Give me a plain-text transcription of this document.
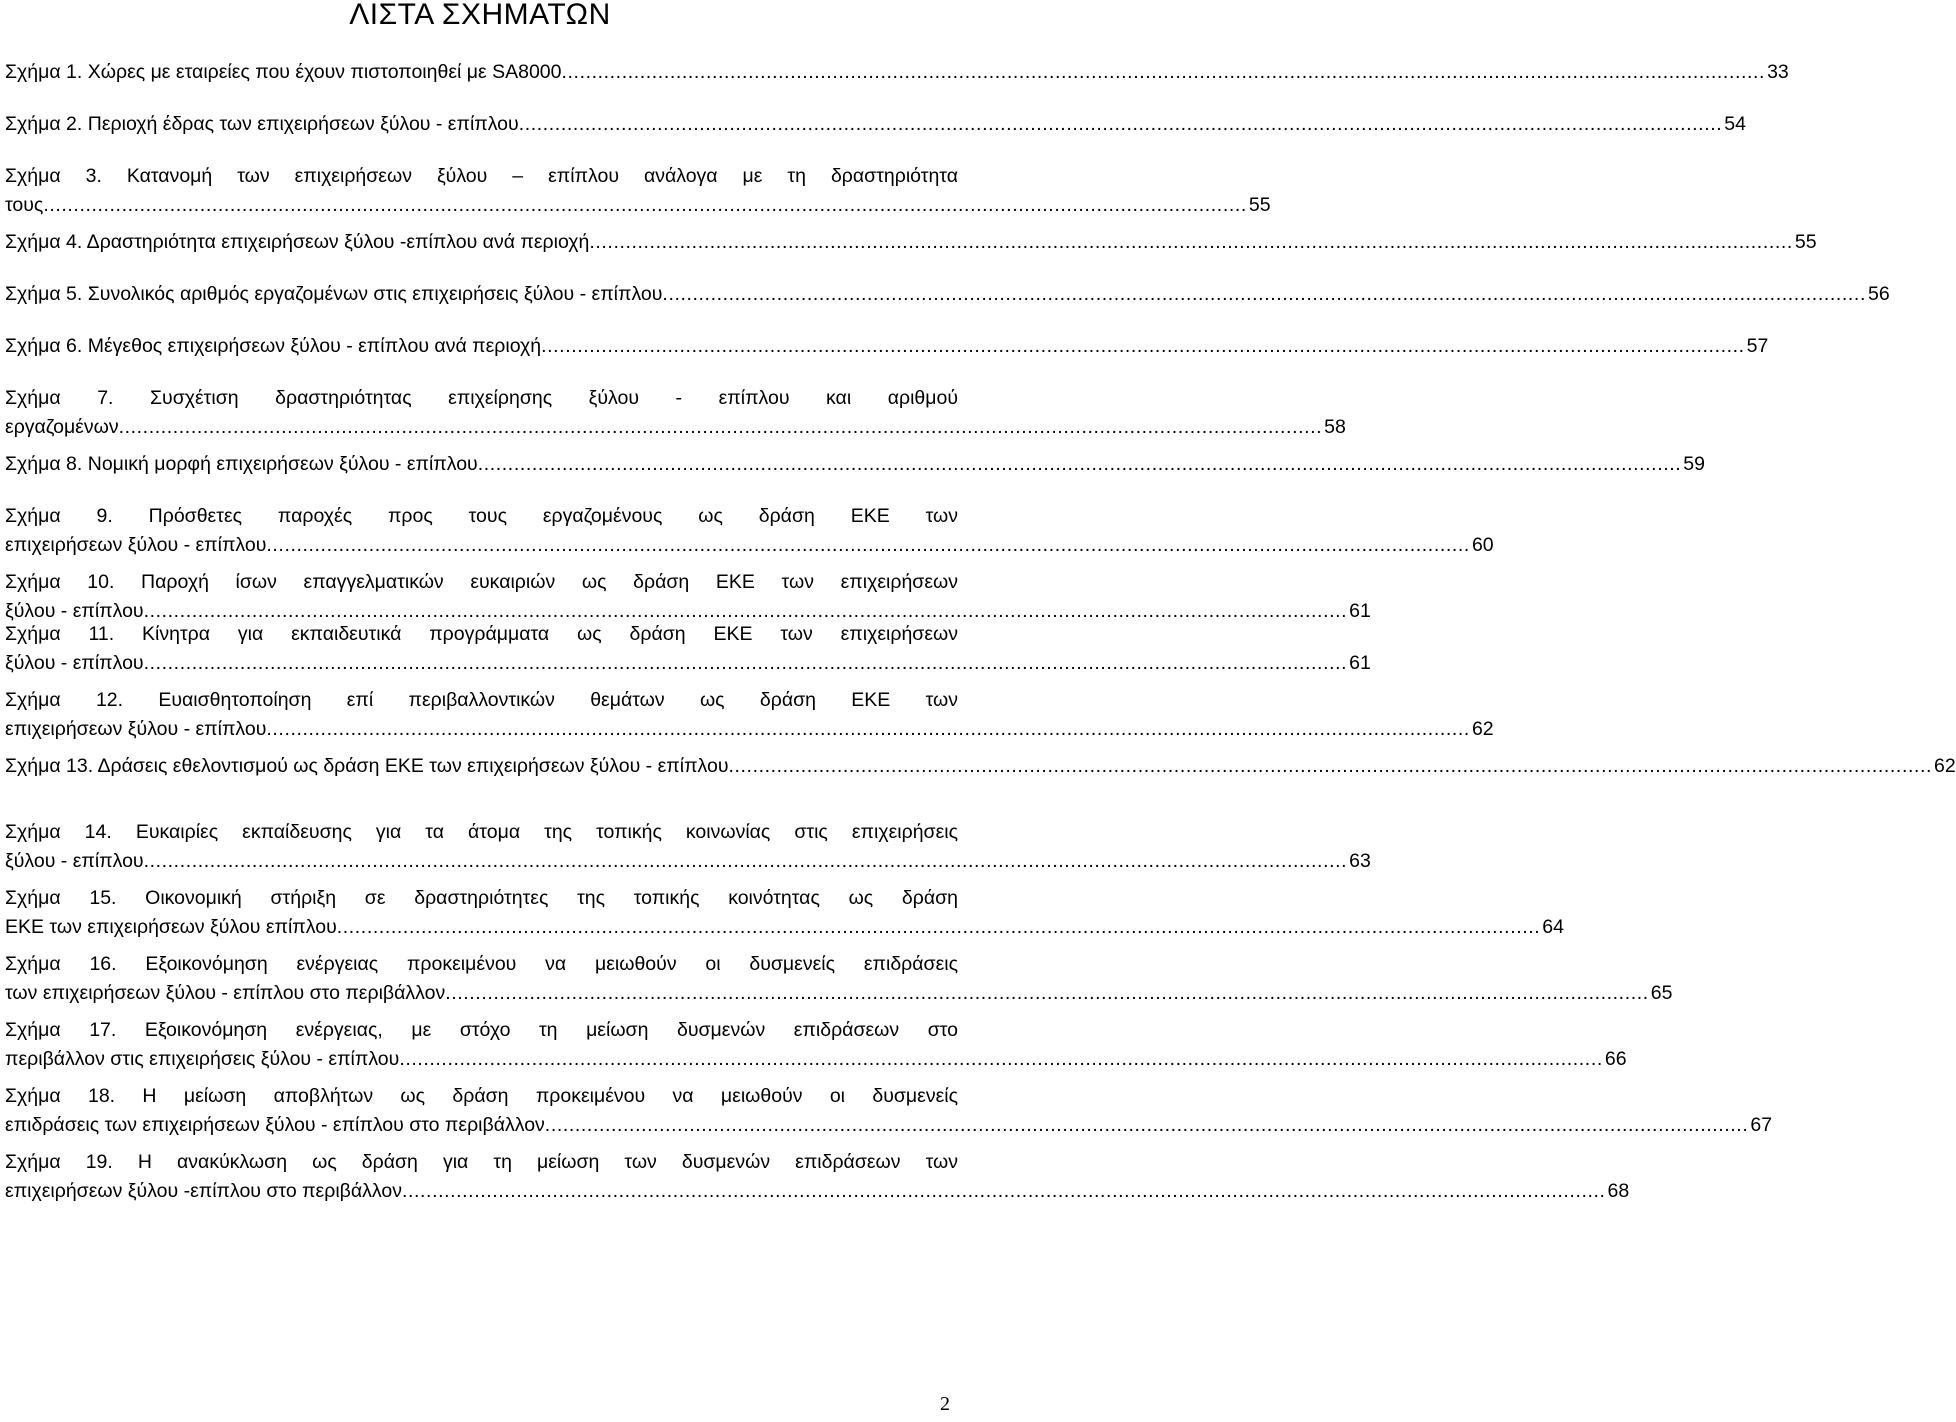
ΛΙΣΤΑ ΣΧΗΜΑΤΩΝ
Σχήμα 1. Χώρες με εταιρείες που έχουν πιστοποιηθεί με SA8000........................................................................................................................................................................................................ 33
Σχήμα 2. Περιοχή έδρας των επιχειρήσεων ξύλου - επίπλου........................................................................................................................................................................................................ 54
Σχήμα 3. Κατανομή των επιχειρήσεων ξύλου – επίπλου ανάλογα με τη δραστηριότητα
τους........................................................................................................................................................................................................ 55
Σχήμα 4. Δραστηριότητα επιχειρήσεων ξύλου -επίπλου ανά περιοχή........................................................................................................................................................................................................ 55
Σχήμα 5. Συνολικός αριθμός εργαζομένων στις επιχειρήσεις ξύλου - επίπλου........................................................................................................................................................................................................ 56
Σχήμα 6. Μέγεθος επιχειρήσεων ξύλου - επίπλου ανά περιοχή........................................................................................................................................................................................................ 57
Σχήμα 7. Συσχέτιση δραστηριότητας επιχείρησης ξύλου - επίπλου και αριθμού
εργαζομένων........................................................................................................................................................................................................ 58
Σχήμα 8. Νομική μορφή επιχειρήσεων ξύλου - επίπλου........................................................................................................................................................................................................ 59
Σχήμα 9. Πρόσθετες παροχές προς τους εργαζομένους ως δράση ΕΚΕ των
επιχειρήσεων ξύλου - επίπλου........................................................................................................................................................................................................ 60
Σχήμα 10. Παροχή ίσων επαγγελματικών ευκαιριών ως δράση ΕΚΕ των επιχειρήσεων
ξύλου - επίπλου........................................................................................................................................................................................................ 61
Σχήμα 11. Κίνητρα για εκπαιδευτικά προγράμματα ως δράση ΕΚΕ των επιχειρήσεων
ξύλου - επίπλου........................................................................................................................................................................................................ 61
Σχήμα 12. Ευαισθητοποίηση επί περιβαλλοντικών θεμάτων ως δράση ΕΚΕ των
επιχειρήσεων ξύλου - επίπλου........................................................................................................................................................................................................ 62
Σχήμα 13. Δράσεις εθελοντισμού ως δράση ΕΚΕ των επιχειρήσεων ξύλου - επίπλου........................................................................................................................................................................................................ 62
Σχήμα 14. Ευκαιρίες εκπαίδευσης για τα άτομα της τοπικής κοινωνίας στις επιχειρήσεις
ξύλου - επίπλου........................................................................................................................................................................................................ 63
Σχήμα 15. Οικονομική στήριξη σε δραστηριότητες της τοπικής κοινότητας ως δράση
ΕΚΕ των επιχειρήσεων ξύλου επίπλου........................................................................................................................................................................................................ 64
Σχήμα 16. Εξοικονόμηση ενέργειας προκειμένου να μειωθούν οι δυσμενείς επιδράσεις
των επιχειρήσεων ξύλου - επίπλου στο περιβάλλον........................................................................................................................................................................................................ 65
Σχήμα 17. Εξοικονόμηση ενέργειας, με στόχο τη μείωση δυσμενών επιδράσεων στο
περιβάλλον στις επιχειρήσεις ξύλου - επίπλου........................................................................................................................................................................................................ 66
Σχήμα 18. Η μείωση αποβλήτων ως δράση προκειμένου να μειωθούν οι δυσμενείς
επιδράσεις των επιχειρήσεων ξύλου - επίπλου στο περιβάλλον........................................................................................................................................................................................................ 67
Σχήμα 19. Η ανακύκλωση ως δράση για τη μείωση των δυσμενών επιδράσεων των
επιχειρήσεων ξύλου -επίπλου στο περιβάλλον........................................................................................................................................................................................................ 68
2
